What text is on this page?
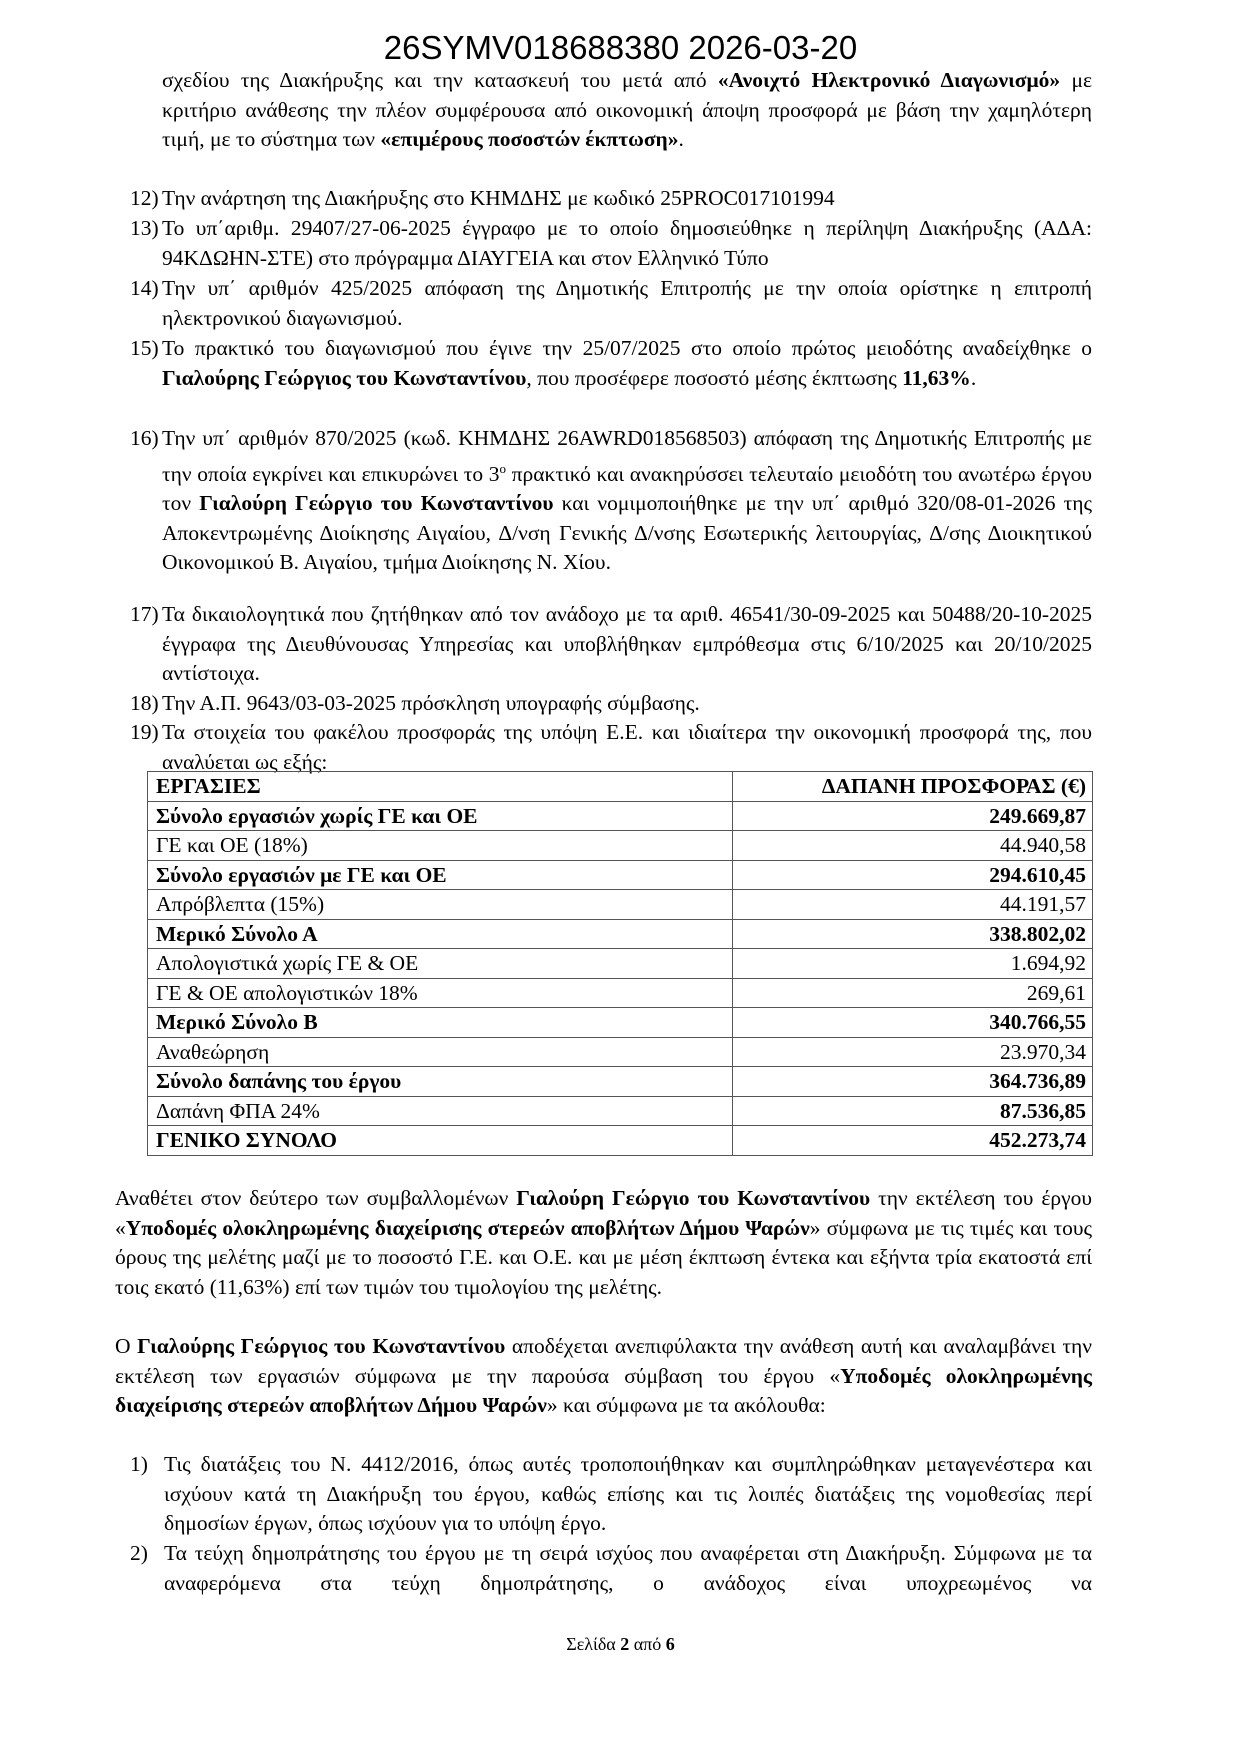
26SYMV018688380 2026-03-20
σχεδίου της Διακήρυξης και την κατασκευή του μετά από «Ανοιχτό Ηλεκτρονικό Διαγωνισμό» με κριτήριο ανάθεσης την πλέον συμφέρουσα από οικονομική άποψη προσφορά με βάση την χαμηλότερη τιμή, με το σύστημα των «επιμέρους ποσοστών έκπτωση».
12) Την ανάρτηση της Διακήρυξης στο ΚΗΜΔΗΣ με κωδικό 25PROC017101994
13) Το υπ΄αριθμ. 29407/27-06-2025 έγγραφο με το οποίο δημοσιεύθηκε η περίληψη Διακήρυξης (ΑΔΑ: 94ΚΔΩΗΝ-ΣΤΕ) στο πρόγραμμα ΔΙΑΥΓΕΙΑ και στον Ελληνικό Τύπο
14) Την υπ΄ αριθμόν 425/2025 απόφαση της Δημοτικής Επιτροπής με την οποία ορίστηκε η επιτροπή ηλεκτρονικού διαγωνισμού.
15) Το πρακτικό του διαγωνισμού που έγινε την 25/07/2025 στο οποίο πρώτος μειοδότης αναδείχθηκε ο Γιαλούρης Γεώργιος του Κωνσταντίνου, που προσέφερε ποσοστό μέσης έκπτωσης 11,63%.
16) Την υπ΄ αριθμόν 870/2025 (κωδ. ΚΗΜΔΗΣ 26AWRD018568503) απόφαση της Δημοτικής Επιτροπής με την οποία εγκρίνει και επικυρώνει το $3^o$ πρακτικό και ανακηρύσσει τελευταίο μειοδότη του ανωτέρω έργου τον Γιαλούρη Γεώργιο του Κωνσταντίνου και νομιμοποιήθηκε με την υπ΄ αριθμό 320/08-01-2026 της Αποκεντρωμένης Διοίκησης Αιγαίου, Δ/νση Γενικής Δ/νσης Εσωτερικής λειτουργίας, Δ/σης Διοικητικού Οικονομικού Β. Αιγαίου, τμήμα Διοίκησης Ν. Χίου.
17) Τα δικαιολογητικά που ζητήθηκαν από τον ανάδοχο με τα αριθ. 46541/30-09-2025 και 50488/20-10-2025 έγγραφα της Διευθύνουσας Υπηρεσίας και υποβλήθηκαν εμπρόθεσμα στις 6/10/2025 και 20/10/2025 αντίστοιχα.
18) Την Α.Π. 9643/03-03-2025 πρόσκληση υπογραφής σύμβασης.
19) Τα στοιχεία του φακέλου προσφοράς της υπόψη Ε.Ε. και ιδιαίτερα την οικονομική προσφορά της, που αναλύεται ως εξής:
ΕΡΓΑΣΙΕΣ	ΔΑΠΑΝΗ ΠΡΟΣΦΟΡΑΣ (€)
Σύνολο εργασιών χωρίς ΓΕ και ΟΕ	249.669,87
ΓΕ και ΟΕ (18%)	44.940,58
Σύνολο εργασιών με ΓΕ και ΟΕ	294.610,45
Απρόβλεπτα (15%)	44.191,57
Μερικό Σύνολο Α	338.802,02
Απολογιστικά χωρίς ΓΕ & ΟΕ	1.694,92
ΓΕ & ΟΕ απολογιστικών 18%	269,61
Μερικό Σύνολο Β	340.766,55
Αναθεώρηση	23.970,34
Σύνολο δαπάνης του έργου	364.736,89
Δαπάνη ΦΠΑ 24%	87.536,85
ΓΕΝΙΚΟ ΣΥΝΟΛΟ	452.273,74
Αναθέτει στον δεύτερο των συμβαλλομένων Γιαλούρη Γεώργιο του Κωνσταντίνου την εκτέλεση του έργου «Υποδομές ολοκληρωμένης διαχείρισης στερεών αποβλήτων Δήμου Ψαρών» σύμφωνα με τις τιμές και τους όρους της μελέτης μαζί με το ποσοστό Γ.Ε. και Ο.Ε. και με μέση έκπτωση έντεκα και εξήντα τρία εκατοστά επί τοις εκατό (11,63%) επί των τιμών του τιμολογίου της μελέτης.
Ο Γιαλούρης Γεώργιος του Κωνσταντίνου αποδέχεται ανεπιφύλακτα την ανάθεση αυτή και αναλαμβάνει την εκτέλεση των εργασιών σύμφωνα με την παρούσα σύμβαση του έργου «Υποδομές ολοκληρωμένης διαχείρισης στερεών αποβλήτων Δήμου Ψαρών» και σύμφωνα με τα ακόλουθα:
1) Τις διατάξεις του Ν. 4412/2016, όπως αυτές τροποποιήθηκαν και συμπληρώθηκαν μεταγενέστερα και ισχύουν κατά τη Διακήρυξη του έργου, καθώς επίσης και τις λοιπές διατάξεις της νομοθεσίας περί δημοσίων έργων, όπως ισχύουν για το υπόψη έργο.
2) Τα τεύχη δημοπράτησης του έργου με τη σειρά ισχύος που αναφέρεται στη Διακήρυξη. Σύμφωνα με τα αναφερόμενα στα τεύχη δημοπράτησης, ο ανάδοχος είναι υποχρεωμένος να
Σελίδα 2 από 6
